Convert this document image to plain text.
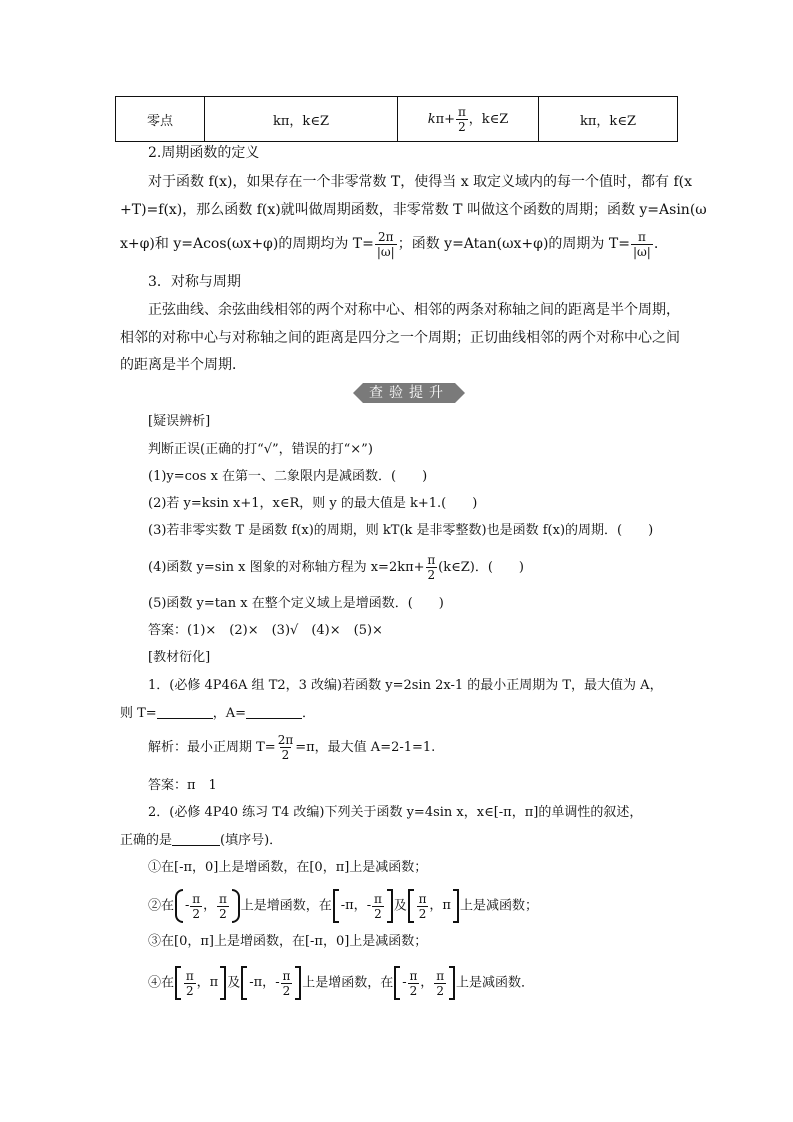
零点	kπ，k∈Z	$k\pi+ \frac{\pi}{2}$ ，k∈Z	kπ，k∈Z
2.周期函数的定义
对于函数 f(x)，如果存在一个非零常数 T，使得当 x 取定义域内的每一个值时，都有 f(x
+T)=f(x)，那么函数 f(x)就叫做周期函数，非零常数 T 叫做这个函数的周期；函数 y=Asin(ω
x+φ)和 y=Acos(ωx+φ)的周期均为 $T= \frac{2\pi}{|\omega|}$ ；函数 y=Atan(ωx+φ)的周期为 $T= \frac{\pi}{|\omega|}$ .
3．对称与周期
正弦曲线、余弦曲线相邻的两个对称中心、相邻的两条对称轴之间的距离是半个周期，
相邻的对称中心与对称轴之间的距离是四分之一个周期；正切曲线相邻的两个对称中心之间
的距离是半个周期．
查验提升
[疑误辨析]
判断正误(正确的打“√”，错误的打“×”)
(1)y=cos x 在第一、二象限内是减函数．(　　)
(2)若 y=ksin x+1，x∈R，则 y 的最大值是 k+1.(　　)
(3)若非零实数 T 是函数 f(x)的周期，则 kT(k 是非零整数)也是函数 f(x)的周期．(　　)
(4)函数 y=sin x 图象的对称轴方程为 $x=2k\pi+ \frac{\pi}{2}$ (k∈Z)．(　　)
(5)函数 y=tan x 在整个定义域上是增函数．(　　)
答案：(1)×　(2)×　(3)√　(4)×　(5)×
[教材衍化]
1．(必修 4P46A 组 T2，3 改编)若函数 y=2sin 2x-1 的最小正周期为 T，最大值为 A，
则 T=	，A=	．
解析：最小正周期 $T= \frac{2\pi}{2} =\pi$，最大值 A=2-1=1.
答案：π　1
2．(必修 4P40 练习 T4 改编)下列关于函数 y=4sin x，x∈[-π，π]的单调性的叙述，
正确的是	(填序号)．
①在[-π，0]上是增函数，在[0，π]上是减函数；
②在 - $\frac{\pi}{2}$ ， $\frac{\pi}{2}$ 上是增函数，在 -π ， - $\frac{\pi}{2}$ 及 $\frac{\pi}{2}$ ， π 上是减函数；
③在[0，π]上是增函数，在[-π，0]上是减函数；
④在 $\frac{\pi}{2}$ ， π 及 -π ， - $\frac{\pi}{2}$ 上是增函数，在 - $\frac{\pi}{2}$ ， $\frac{\pi}{2}$ 上是减函数．
